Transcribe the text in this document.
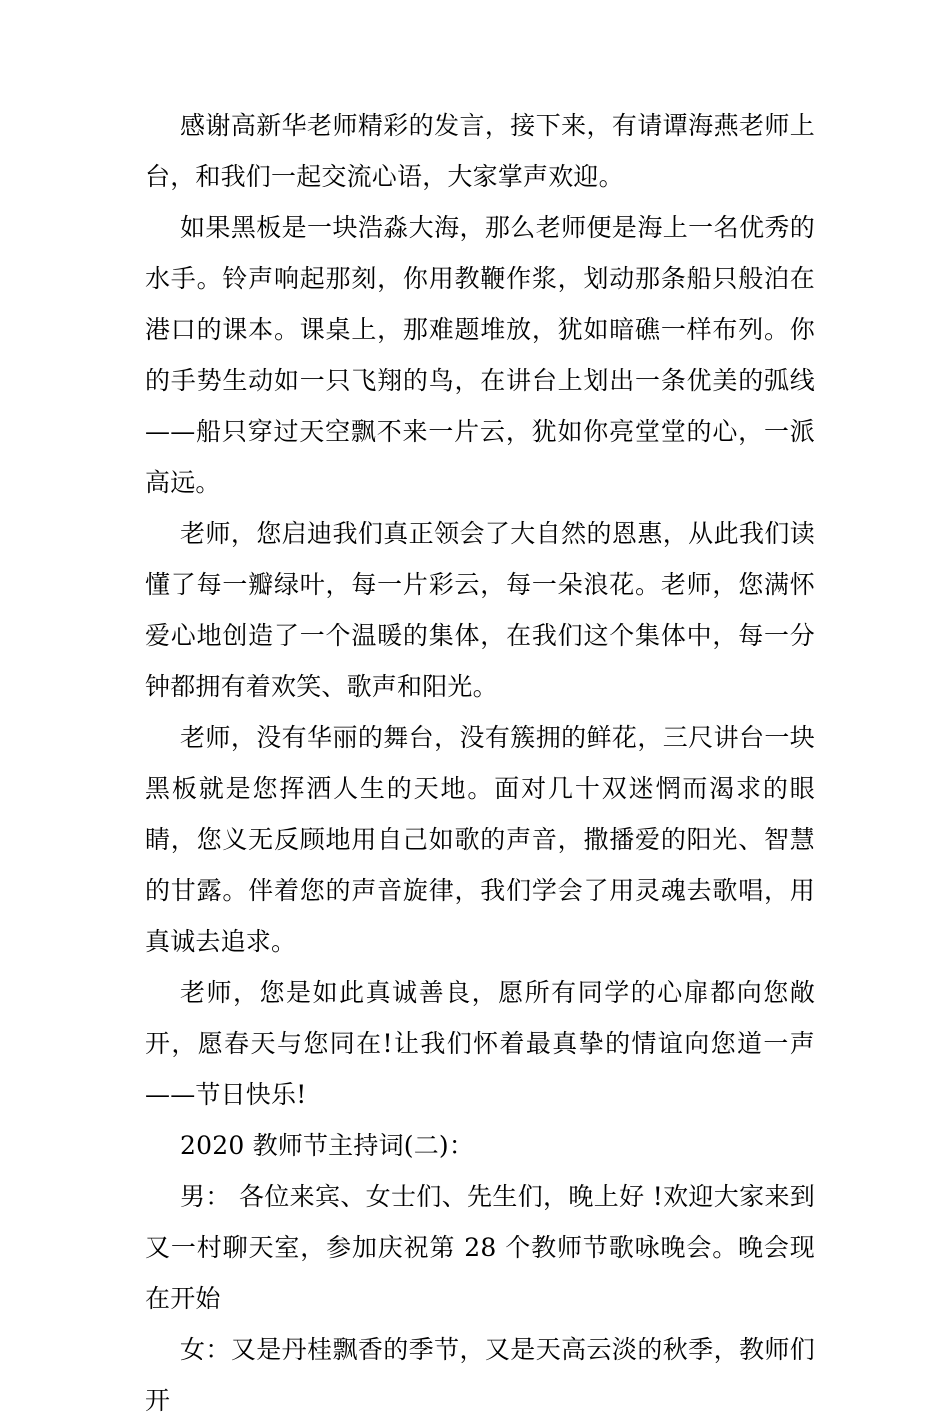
感谢高新华老师精彩的发言，接下来，有请谭海燕老师上台，和我们一起交流心语，大家掌声欢迎。

如果黑板是一块浩淼大海，那么老师便是海上一名优秀的水手。铃声响起那刻，你用教鞭作浆，划动那条船只般泊在港口的课本。课桌上，那难题堆放，犹如暗礁一样布列。你的手势生动如一只飞翔的鸟，在讲台上划出一条优美的弧线——船只穿过天空飘不来一片云，犹如你亮堂堂的心，一派高远。

老师，您启迪我们真正领会了大自然的恩惠，从此我们读懂了每一瓣绿叶，每一片彩云，每一朵浪花。老师，您满怀爱心地创造了一个温暖的集体，在我们这个集体中，每一分钟都拥有着欢笑、歌声和阳光。

老师，没有华丽的舞台，没有簇拥的鲜花，三尺讲台一块黑板就是您挥洒人生的天地。面对几十双迷惘而渴求的眼睛，您义无反顾地用自己如歌的声音，撒播爱的阳光、智慧的甘露。伴着您的声音旋律，我们学会了用灵魂去歌唱，用真诚去追求。

老师，您是如此真诚善良，愿所有同学的心扉都向您敞开，愿春天与您同在!让我们怀着最真挚的情谊向您道一声 ——节日快乐!

2020 教师节主持词(二)：

男： 各位来宾、女士们、先生们，晚上好 !欢迎大家来到又一村聊天室，参加庆祝第 28 个教师节歌咏晚会。晚会现在开始

女：又是丹桂飘香的季节，又是天高云淡的秋季，教师们开
